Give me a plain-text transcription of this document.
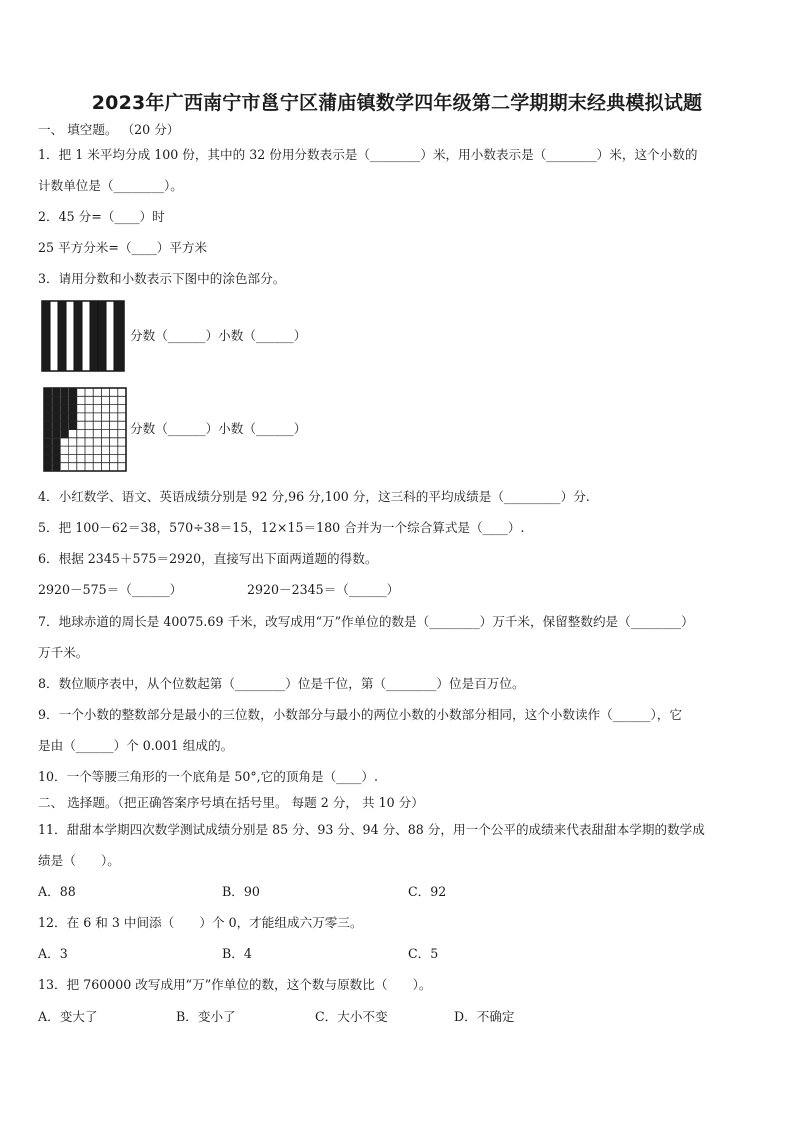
2023年广西南宁市邕宁区蒲庙镇数学四年级第二学期期末经典模拟试题
一、 填空题。 （20 分）
1．把 1 米平均分成 100 份，其中的 32 份用分数表示是（________）米，用小数表示是（________）米，这个小数的
计数单位是（________）。
2．45 分=（____）时
25 平方分米=（____）平方米
3．请用分数和小数表示下图中的涂色部分。
分数（______）小数（______）
分数（______）小数（______）
4．小红数学、语文、英语成绩分别是 92 分,96 分,100 分，这三科的平均成绩是（_________）分.
5．把 100－62＝38，570÷38＝15，12×15＝180 合并为一个综合算式是（____）.
6．根据 2345＋575＝2920，直接写出下面两道题的得数。
2920－575＝（______）	2920－2345＝（______）
7．地球赤道的周长是 40075.69 千米，改写成用“万”作单位的数是（________）万千米，保留整数约是（________）
万千米。
8．数位顺序表中，从个位数起第（________）位是千位，第（________）位是百万位。
9．一个小数的整数部分是最小的三位数，小数部分与最小的两位小数的小数部分相同，这个小数读作（______），它
是由（______）个 0.001 组成的。
10．一个等腰三角形的一个底角是 50°,它的顶角是（____）.
二、 选择题。（把正确答案序号填在括号里。 每题 2 分， 共 10 分）
11．甜甜本学期四次数学测试成绩分别是 85 分、93 分、94 分、88 分，用一个公平的成绩来代表甜甜本学期的数学成
绩是（　　）。
A．88	B．90	C．92
12．在 6 和 3 中间添（　　）个 0，才能组成六万零三。
A．3	B．4	C．5
13．把 760000 改写成用“万”作单位的数，这个数与原数比（　　）。
A．变大了	B．变小了	C．大小不变	D．不确定
